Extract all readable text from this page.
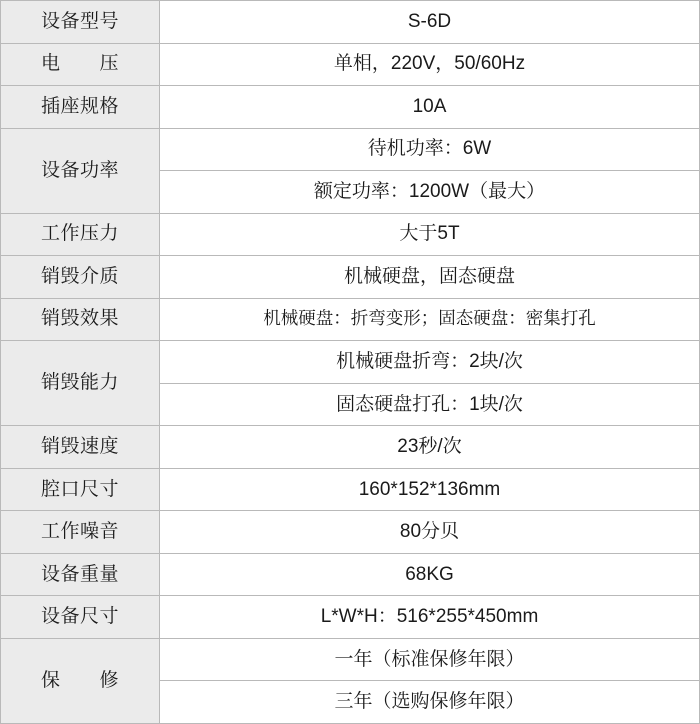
设备型号	S-6D
电　　压	单相，220V，50/60Hz
插座规格	10A
设备功率	待机功率：6W
	额定功率：1200W（最大）
工作压力	大于5T
销毁介质	机械硬盘，固态硬盘
销毁效果	机械硬盘：折弯变形；固态硬盘：密集打孔
销毁能力	机械硬盘折弯：2块/次
	固态硬盘打孔：1块/次
销毁速度	23秒/次
腔口尺寸	160*152*136mm
工作噪音	80分贝
设备重量	68KG
设备尺寸	L*W*H：516*255*450mm
保　　修	一年（标准保修年限）
	三年（选购保修年限）
